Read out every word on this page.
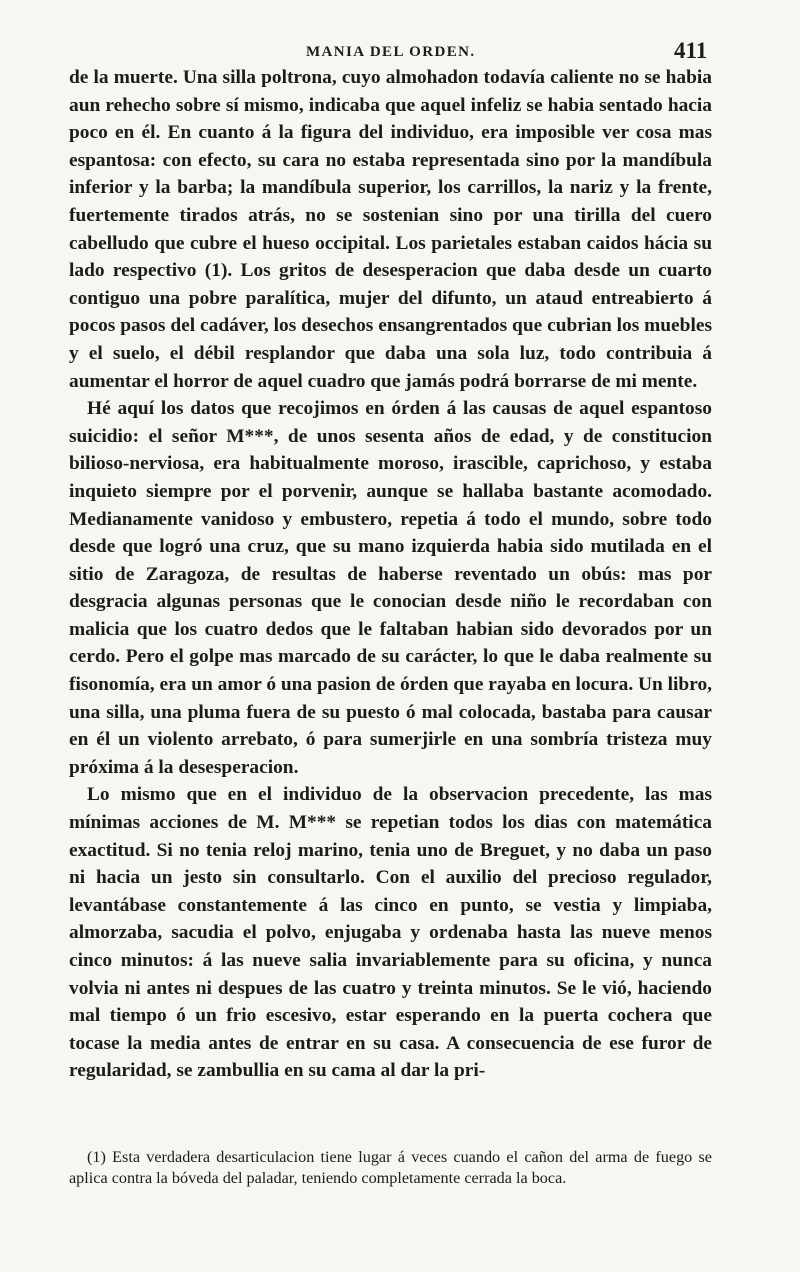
MANIA DEL ORDEN.	411

de la muerte. Una silla poltrona, cuyo almohadon todavía caliente no se habia aun rehecho sobre sí mismo, indicaba que aquel infeliz se habia sentado hacia poco en él. En cuanto á la figura del individuo, era imposible ver cosa mas espantosa: con efecto, su cara no estaba representada sino por la mandíbula inferior y la barba; la mandíbula superior, los carrillos, la nariz y la frente, fuertemente tirados atrás, no se sostenian sino por una tirilla del cuero cabelludo que cubre el hueso occipital. Los parietales estaban caidos hácia su lado respectivo (1). Los gritos de desesperacion que daba desde un cuarto contiguo una pobre paralítica, mujer del difunto, un ataud entreabierto á pocos pasos del cadáver, los desechos ensangrentados que cubrian los muebles y el suelo, el débil resplandor que daba una sola luz, todo contribuia á aumentar el horror de aquel cuadro que jamás podrá borrarse de mi mente.

Hé aquí los datos que recojimos en órden á las causas de aquel espantoso suicidio: el señor M***, de unos sesenta años de edad, y de constitucion bilioso-nerviosa, era habitualmente moroso, irascible, caprichoso, y estaba inquieto siempre por el porvenir, aunque se hallaba bastante acomodado. Medianamente vanidoso y embustero, repetia á todo el mundo, sobre todo desde que logró una cruz, que su mano izquierda habia sido mutilada en el sitio de Zaragoza, de resultas de haberse reventado un obús: mas por desgracia algunas personas que le conocian desde niño le recordaban con malicia que los cuatro dedos que le faltaban habian sido devorados por un cerdo. Pero el golpe mas marcado de su carácter, lo que le daba realmente su fisonomía, era un amor ó una pasion de órden que rayaba en locura. Un libro, una silla, una pluma fuera de su puesto ó mal colocada, bastaba para causar en él un violento arrebato, ó para sumerjirle en una sombría tristeza muy próxima á la desesperacion.

Lo mismo que en el individuo de la observacion precedente, las mas mínimas acciones de M. M*** se repetian todos los dias con matemática exactitud. Si no tenia reloj marino, tenia uno de Breguet, y no daba un paso ni hacia un jesto sin consultarlo. Con el auxilio del precioso regulador, levantábase constantemente á las cinco en punto, se vestia y limpiaba, almorzaba, sacudia el polvo, enjugaba y ordenaba hasta las nueve menos cinco minutos: á las nueve salia invariablemente para su oficina, y nunca volvia ni antes ni despues de las cuatro y treinta minutos. Se le vió, haciendo mal tiempo ó un frio escesivo, estar esperando en la puerta cochera que tocase la media antes de entrar en su casa. A consecuencia de ese furor de regularidad, se zambullia en su cama al dar la pri-

(1) Esta verdadera desarticulacion tiene lugar á veces cuando el cañon del arma de fuego se aplica contra la bóveda del paladar, teniendo completamente cerrada la boca.
